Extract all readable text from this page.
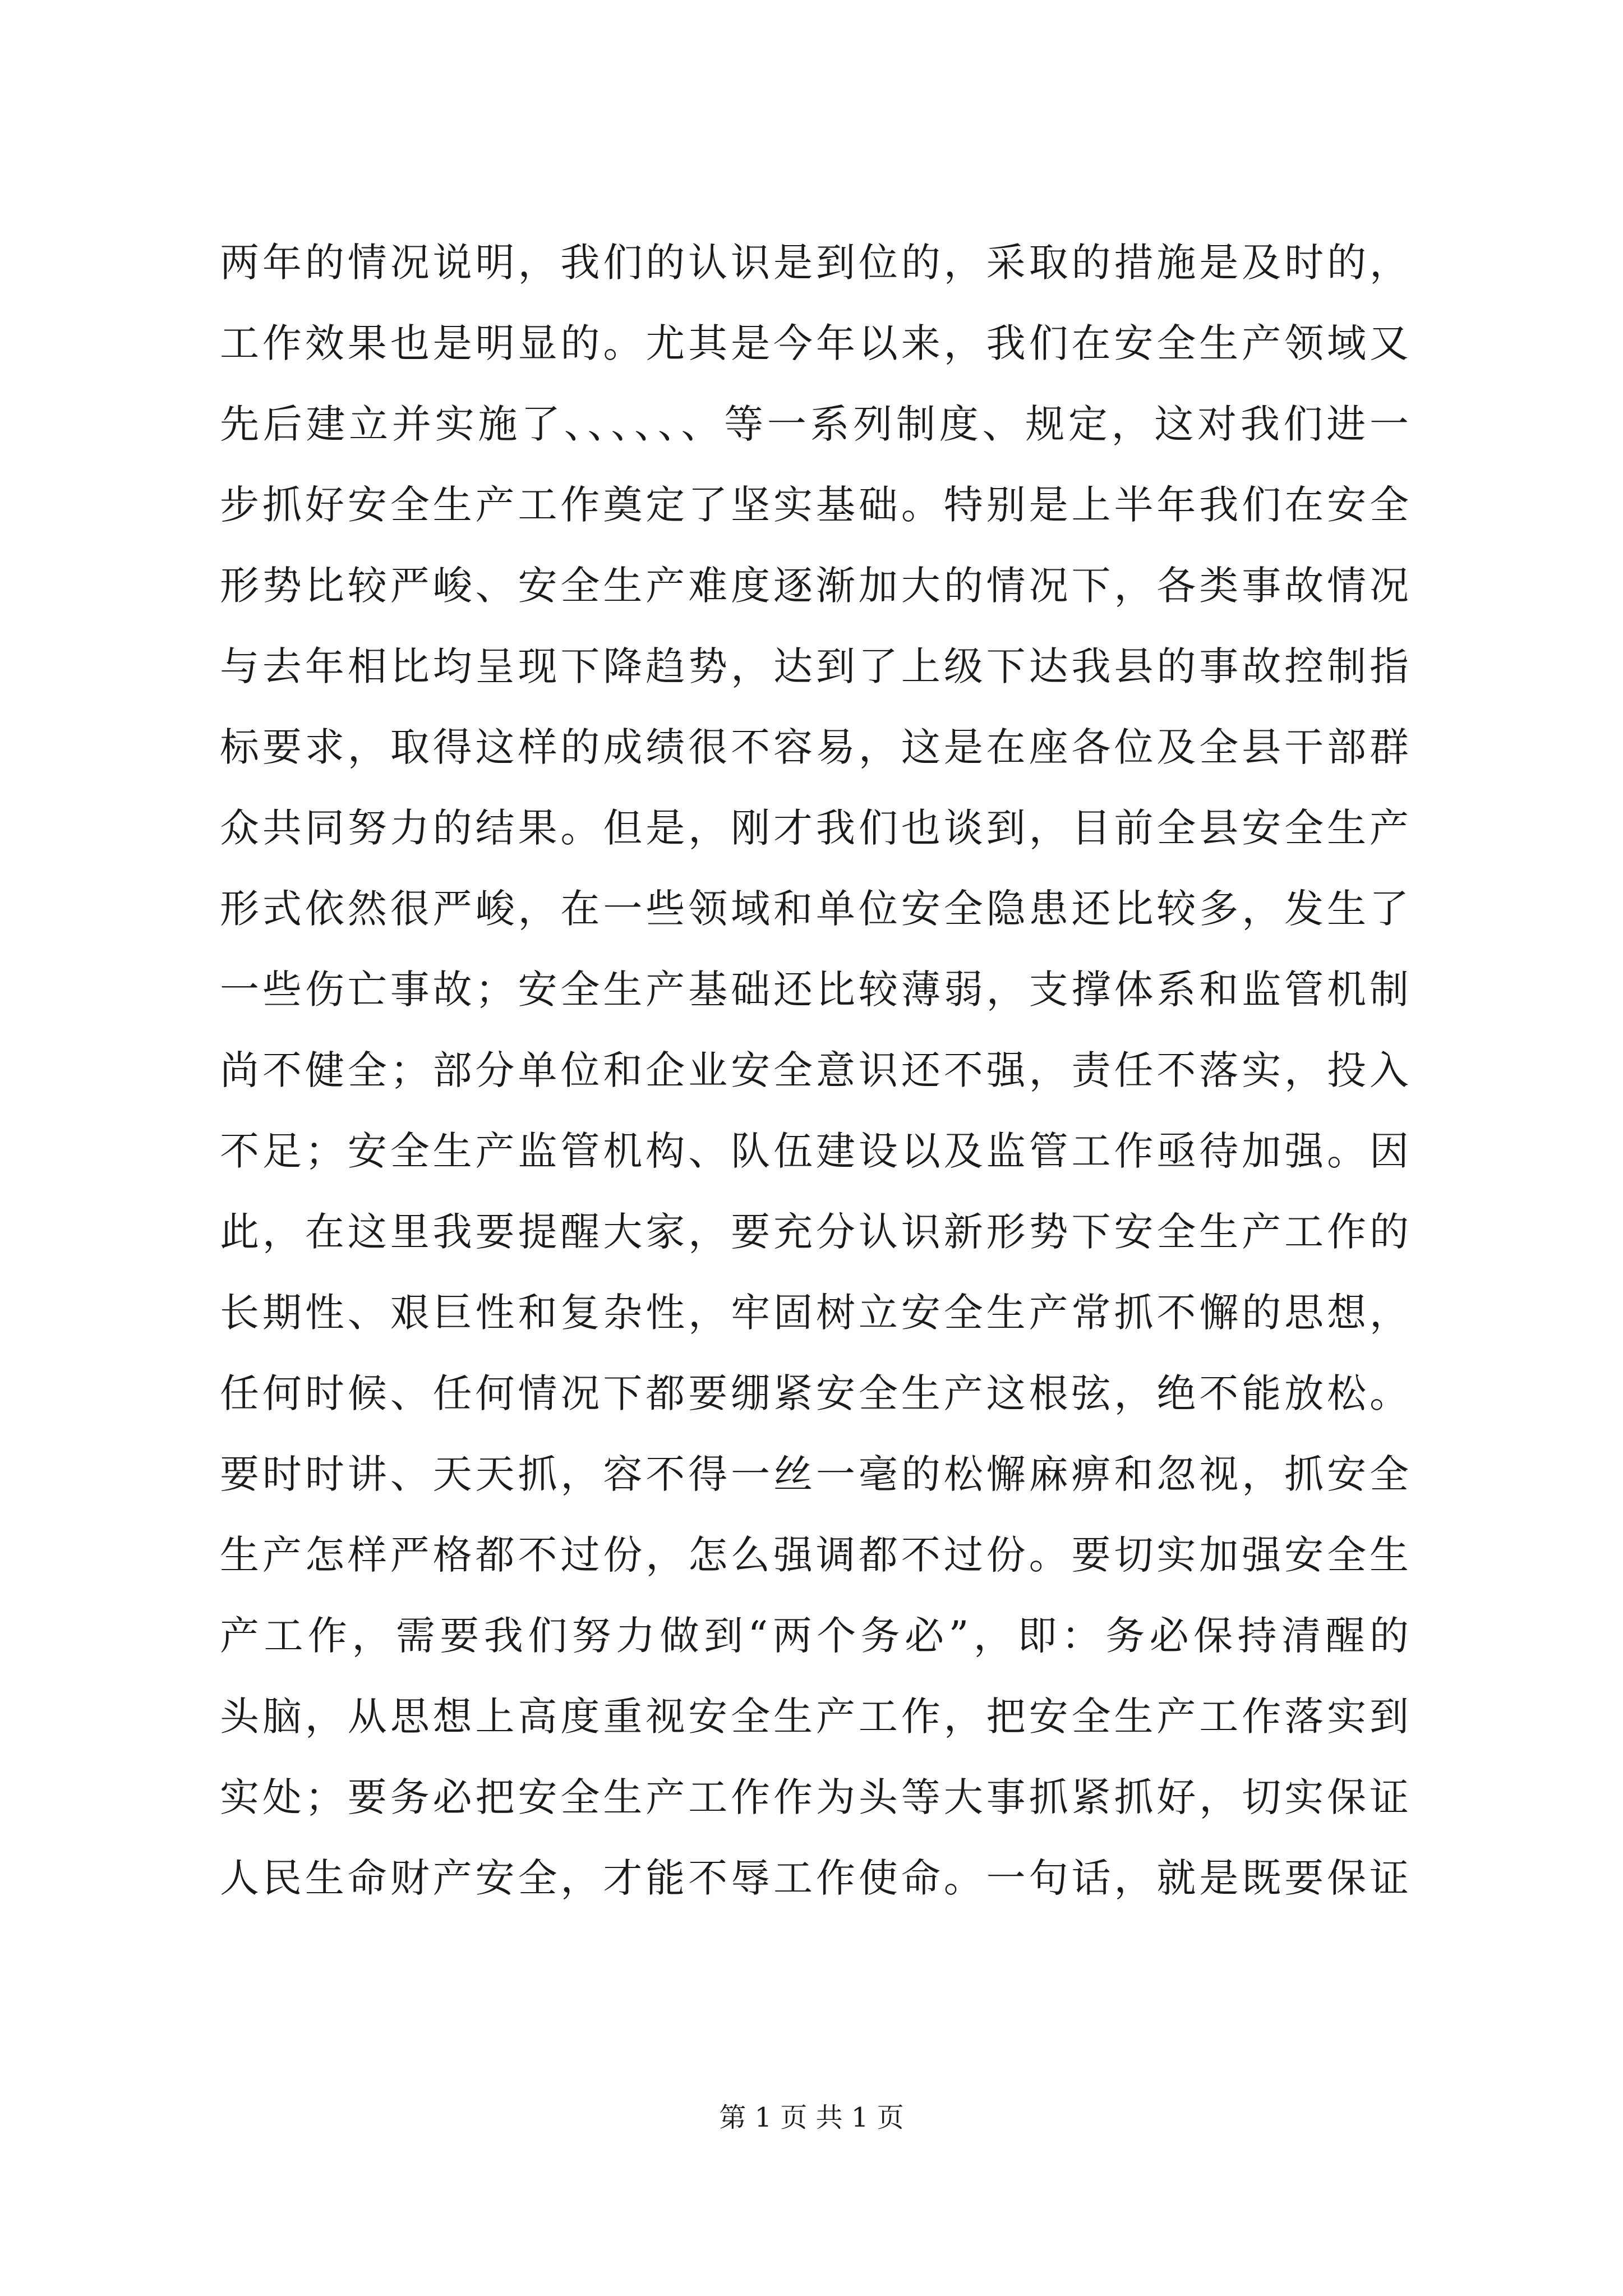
两年的情况说明，我们的认识是到位的，采取的措施是及时的，
工作效果也是明显的。尤其是今年以来，我们在安全生产领域又
先后建立并实施了、、、、、、等一系列制度、规定，这对我们进一
步抓好安全生产工作奠定了坚实基础。特别是上半年我们在安全
形势比较严峻、安全生产难度逐渐加大的情况下，各类事故情况
与去年相比均呈现下降趋势，达到了上级下达我县的事故控制指
标要求，取得这样的成绩很不容易，这是在座各位及全县干部群
众共同努力的结果。但是，刚才我们也谈到，目前全县安全生产
形式依然很严峻，在一些领域和单位安全隐患还比较多，发生了
一些伤亡事故；安全生产基础还比较薄弱，支撑体系和监管机制
尚不健全；部分单位和企业安全意识还不强，责任不落实，投入
不足；安全生产监管机构、队伍建设以及监管工作亟待加强。因
此，在这里我要提醒大家，要充分认识新形势下安全生产工作的
长期性、艰巨性和复杂性，牢固树立安全生产常抓不懈的思想，
任何时候、任何情况下都要绷紧安全生产这根弦，绝不能放松。
要时时讲、天天抓，容不得一丝一毫的松懈麻痹和忽视，抓安全
生产怎样严格都不过份，怎么强调都不过份。要切实加强安全生
产工作，需要我们努力做到“两个务必”，即：务必保持清醒的
头脑，从思想上高度重视安全生产工作，把安全生产工作落实到
实处；要务必把安全生产工作作为头等大事抓紧抓好，切实保证
人民生命财产安全，才能不辱工作使命。一句话，就是既要保证
第 1 页 共 1 页
